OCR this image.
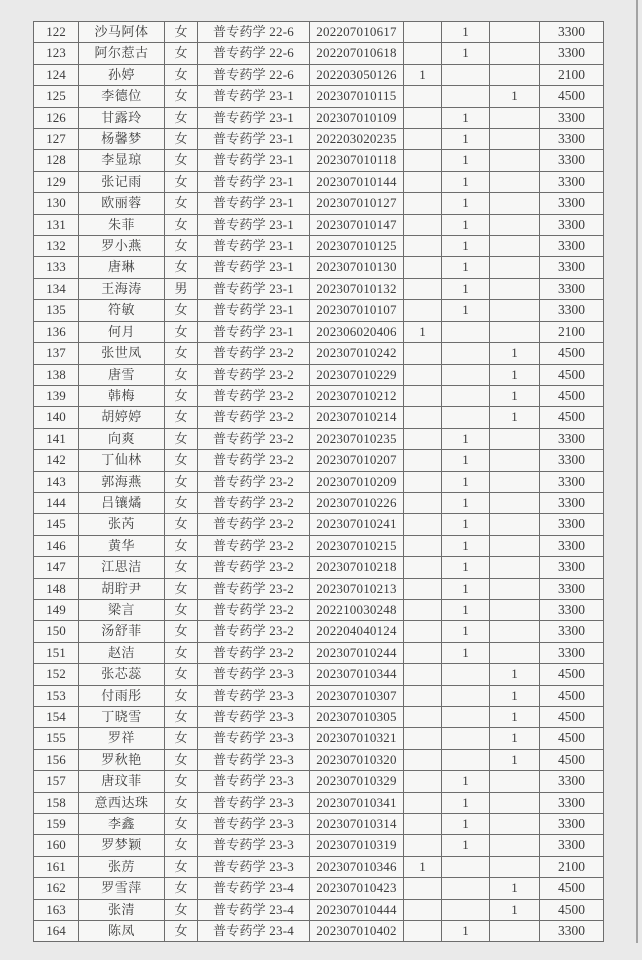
122	沙马阿体	女	普专药学 22-6	202207010617		1		3300
123	阿尔惹古	女	普专药学 22-6	202207010618		1		3300
124	孙婷	女	普专药学 22-6	202203050126	1			2100
125	李德位	女	普专药学 23-1	202307010115			1	4500
126	甘露玲	女	普专药学 23-1	202307010109		1		3300
127	杨馨梦	女	普专药学 23-1	202203020235		1		3300
128	李显琼	女	普专药学 23-1	202307010118		1		3300
129	张记雨	女	普专药学 23-1	202307010144		1		3300
130	欧丽蓉	女	普专药学 23-1	202307010127		1		3300
131	朱菲	女	普专药学 23-1	202307010147		1		3300
132	罗小燕	女	普专药学 23-1	202307010125		1		3300
133	唐琳	女	普专药学 23-1	202307010130		1		3300
134	王海涛	男	普专药学 23-1	202307010132		1		3300
135	符敏	女	普专药学 23-1	202307010107		1		3300
136	何月	女	普专药学 23-1	202306020406	1			2100
137	张世凤	女	普专药学 23-2	202307010242			1	4500
138	唐雪	女	普专药学 23-2	202307010229			1	4500
139	韩梅	女	普专药学 23-2	202307010212			1	4500
140	胡婷婷	女	普专药学 23-2	202307010214			1	4500
141	向爽	女	普专药学 23-2	202307010235		1		3300
142	丁仙林	女	普专药学 23-2	202307010207		1		3300
143	郭海燕	女	普专药学 23-2	202307010209		1		3300
144	吕镶燏	女	普专药学 23-2	202307010226		1		3300
145	张芮	女	普专药学 23-2	202307010241		1		3300
146	黄华	女	普专药学 23-2	202307010215		1		3300
147	江思洁	女	普专药学 23-2	202307010218		1		3300
148	胡聍尹	女	普专药学 23-2	202307010213		1		3300
149	梁言	女	普专药学 23-2	202210030248		1		3300
150	汤舒菲	女	普专药学 23-2	202204040124		1		3300
151	赵洁	女	普专药学 23-2	202307010244		1		3300
152	张芯蕊	女	普专药学 23-3	202307010344			1	4500
153	付雨彤	女	普专药学 23-3	202307010307			1	4500
154	丁晓雪	女	普专药学 23-3	202307010305			1	4500
155	罗祥	女	普专药学 23-3	202307010321			1	4500
156	罗秋艳	女	普专药学 23-3	202307010320			1	4500
157	唐玟菲	女	普专药学 23-3	202307010329		1		3300
158	意西达珠	女	普专药学 23-3	202307010341		1		3300
159	李鑫	女	普专药学 23-3	202307010314		1		3300
160	罗梦颖	女	普专药学 23-3	202307010319		1		3300
161	张苈	女	普专药学 23-3	202307010346	1			2100
162	罗雪萍	女	普专药学 23-4	202307010423			1	4500
163	张清	女	普专药学 23-4	202307010444			1	4500
164	陈凤	女	普专药学 23-4	202307010402		1		3300
